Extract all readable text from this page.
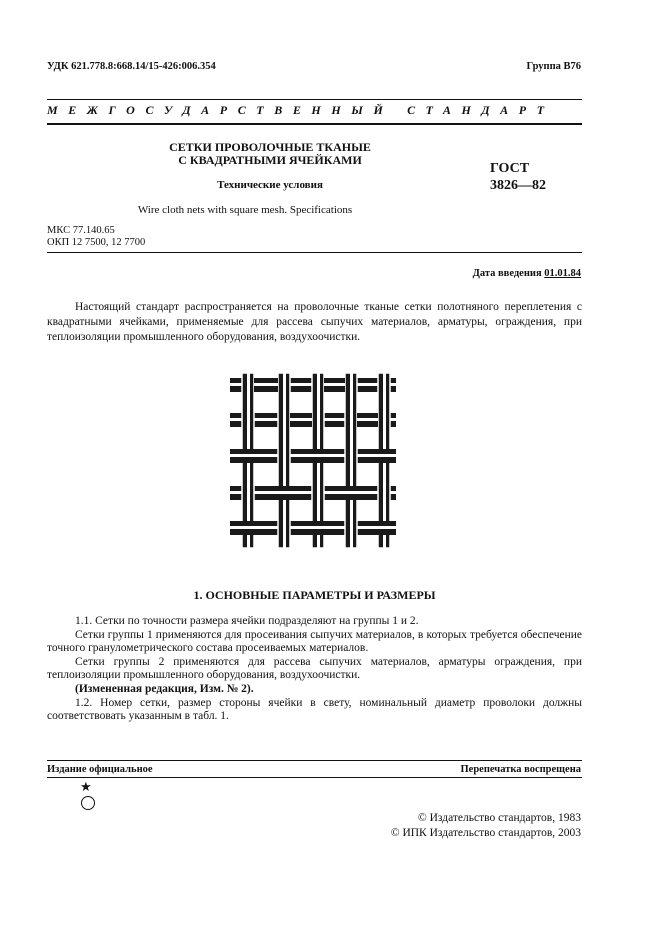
УДК 621.778.8:668.14/15-426:006.354	Группа В76
МЕЖГОСУДАРСТВЕННЫЙ СТАНДАРТ
СЕТКИ ПРОВОЛОЧНЫЕ ТКАНЫЕ
С КВАДРАТНЫМИ ЯЧЕЙКАМИ
Технические условия
Wire cloth nets with square mesh. Specifications
ГОСТ
3826—82
МКС 77.140.65
ОКП 12 7500, 12 7700
Дата введения 01.01.84
Настоящий стандарт распространяется на проволочные тканые сетки полотняного переплетения с квадратными ячейками, применяемые для рассева сыпучих материалов, арматуры, ограждения, при теплоизоляции промышленного оборудования, воздухоочистки.
1. ОСНОВНЫЕ ПАРАМЕТРЫ И РАЗМЕРЫ

1.1. Сетки по точности размера ячейки подразделяют на группы 1 и 2.

Сетки группы 1 применяются для просеивания сыпучих материалов, в которых требуется обеспечение точного гранулометрического состава просеиваемых материалов.

Сетки группы 2 применяются для рассева сыпучих материалов, арматуры ограждения, при теплоизоляции промышленного оборудования, воздухоочистки.

(Измененная редакция, Изм. № 2).

1.2. Номер сетки, размер стороны ячейки в свету, номинальный диаметр проволоки должны соответствовать указанным в табл. 1.

Издание официальное	Перепечатка воспрещена
★
© Издательство стандартов, 1983
© ИПК Издательство стандартов, 2003
